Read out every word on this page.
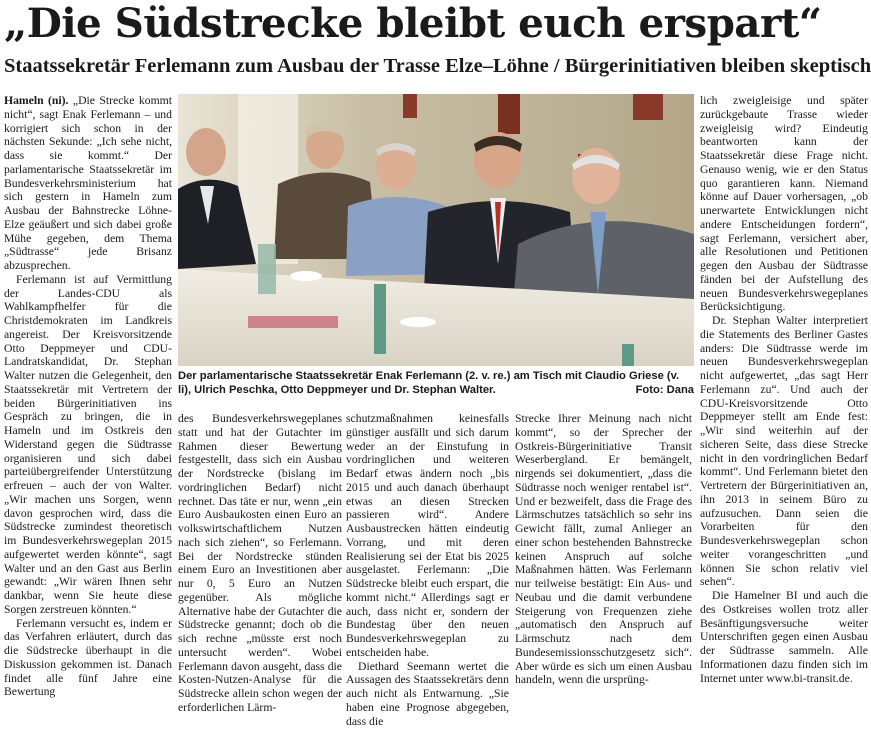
„Die Südstrecke bleibt euch erspart“
Staatssekretär Ferlemann zum Ausbau der Trasse Elze–Löhne / Bürgerinitiativen bleiben skeptisch

Hameln (ni). „Die Strecke kommt nicht“, sagt Enak Ferlemann – und korrigiert sich schon in der nächsten Sekunde: „Ich sehe nicht, dass sie kommt.“ Der parlamentarische Staatssekretär im Bundesverkehrsministerium hat sich gestern in Hameln zum Ausbau der Bahnstrecke Löhne-Elze geäußert und sich dabei große Mühe gegeben, dem Thema „Südtrasse“ jede Brisanz abzusprechen.

Ferlemann ist auf Vermittlung der Landes-CDU als Wahlkampfhelfer für die Christdemokraten im Landkreis angereist. Der Kreisvorsitzende Otto Deppmeyer und CDU-Landratskandidat, Dr. Stephan Walter nutzen die Gelegenheit, den Staatssekretär mit Vertretern der beiden Bürgerinitiativen ins Gespräch zu bringen, die in Hameln und im Ostkreis den Widerstand gegen die Südtrasse organisieren und sich dabei parteiübergreifender Unterstützung erfreuen – auch der von Walter. „Wir machen uns Sorgen, wenn davon gesprochen wird, dass die Südstrecke zumindest theoretisch im Bundesverkehrswegeplan 2015 aufgewertet werden könnte“, sagt Walter und an den Gast aus Berlin gewandt: „Wir wären Ihnen sehr dankbar, wenn Sie heute diese Sorgen zerstreuen könnten.“

Ferlemann versucht es, indem er das Verfahren erläutert, durch das die Südstrecke überhaupt in die Diskussion gekommen ist. Danach findet alle fünf Jahre eine Bewertung

Der parlamentarische Staatssekretär Enak Ferlemann (2. v. re.) am Tisch mit Claudio Griese (v. li), Ulrich Peschka, Otto Deppmeyer und Dr. Stephan Walter.	Foto: Dana

des Bundesverkehrswegeplanes statt und hat der Gutachter im Rahmen dieser Bewertung festgestellt, dass sich ein Ausbau der Nordstrecke (bislang im vordringlichen Bedarf) nicht rechnet. Das täte er nur, wenn „ein Euro Ausbaukosten einen Euro an volkswirtschaftlichem Nutzen nach sich ziehen“, so Ferlemann. Bei der Nordstrecke stünden einem Euro an Investitionen aber nur 0, 5 Euro an Nutzen gegenüber. Als mögliche Alternative habe der Gutachter die Südstrecke genannt; doch ob die sich rechne „müsste erst noch untersucht werden“. Wobei Ferlemann davon ausgeht, dass die Kosten-Nutzen-Analyse für die Südstrecke allein schon wegen der erforderlichen Lärm-

schutzmaßnahmen keinesfalls günstiger ausfällt und sich darum weder an der Einstufung in vordringlichen und weiteren Bedarf etwas ändern noch „bis 2015 und auch danach überhaupt etwas an diesen Strecken passieren wird“. Andere Ausbaustrecken hätten eindeutig Vorrang, und mit deren Realisierung sei der Etat bis 2025 ausgelastet. Ferlemann: „Die Südstrecke bleibt euch erspart, die kommt nicht.“ Allerdings sagt er auch, dass nicht er, sondern der Bundestag über den neuen Bundesverkehrswegeplan zu entscheiden habe.

Diethard Seemann wertet die Aussagen des Staatssekretärs denn auch nicht als Entwarnung. „Sie haben eine Prognose abgegeben, dass die

Strecke Ihrer Meinung nach nicht kommt“, so der Sprecher der Ostkreis-Bürgerinitiative Transit Weserbergland. Er bemängelt, nirgends sei dokumentiert, „dass die Südtrasse noch weniger rentabel ist“. Und er bezweifelt, dass die Frage des Lärmschutzes tatsächlich so sehr ins Gewicht fällt, zumal Anlieger an einer schon bestehenden Bahnstrecke keinen Anspruch auf solche Maßnahmen hätten. Was Ferlemann nur teilweise bestätigt: Ein Aus- und Neubau und die damit verbundene Steigerung von Frequenzen ziehe „automatisch den Anspruch auf Lärmschutz nach dem Bundesemissionsschutzgesetz sich“. Aber würde es sich um einen Ausbau handeln, wenn die ursprüng-

lich zweigleisige und später zurückgebaute Trasse wieder zweigleisig wird? Eindeutig beantworten kann der Staatssekretär diese Frage nicht. Genauso wenig, wie er den Status quo garantieren kann. Niemand könne auf Dauer vorhersagen, „ob unerwartete Entwicklungen nicht andere Entscheidungen fordern“, sagt Ferlemann, versichert aber, alle Resolutionen und Petitionen gegen den Ausbau der Südtrasse fänden bei der Aufstellung des neuen Bundesverkehrswegeplanes Berücksichtigung.

Dr. Stephan Walter interpretiert die Statements des Berliner Gastes anders: Die Südtrasse werde im neuen Bundesverkehrswegeplan nicht aufgewertet, „das sagt Herr Ferlemann zu“. Und auch der CDU-Kreisvorsitzende Otto Deppmeyer stellt am Ende fest: „Wir sind weiterhin auf der sicheren Seite, dass diese Strecke nicht in den vordringlichen Bedarf kommt“. Und Ferlemann bietet den Vertretern der Bürgerinitiativen an, ihn 2013 in seinem Büro zu aufzusuchen. Dann seien die Vorarbeiten für den Bundesverkehrswegeplan schon weiter vorangeschritten „und können Sie schon relativ viel sehen“.

Die Hamelner BI und auch die des Ostkreises wollen trotz aller Besänftigungsversuche weiter Unterschriften gegen einen Ausbau der Südtrasse sammeln. Alle Informationen dazu finden sich im Internet unter www.bi-transit.de.
